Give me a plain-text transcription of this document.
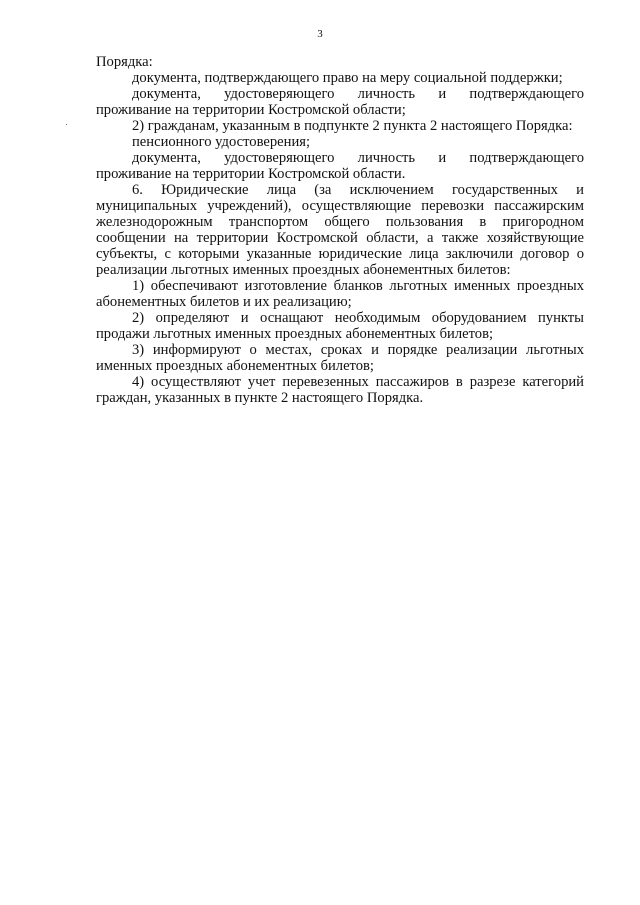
3

Порядка:

документа, подтверждающего право на меру социальной поддержки;

документа, удостоверяющего личность и подтверждающего проживание на территории Костромской области;

2) гражданам, указанным в подпункте 2 пункта 2 настоящего Порядка:

пенсионного удостоверения;

документа, удостоверяющего личность и подтверждающего проживание на территории Костромской области.

6. Юридические лица (за исключением государственных и муниципальных учреждений), осуществляющие перевозки пассажирским железнодорожным транспортом общего пользования в пригородном сообщении на территории Костромской области, а также хозяйствующие субъекты, с которыми указанные юридические лица заключили договор о реализации льготных именных проездных абонементных билетов:

1) обеспечивают изготовление бланков льготных именных проездных абонементных билетов и их реализацию;

2) определяют и оснащают необходимым оборудованием пункты продажи льготных именных проездных абонементных билетов;

3) информируют о местах, сроках и порядке реализации льготных именных проездных абонементных билетов;

4) осуществляют учет перевезенных пассажиров в разрезе категорий граждан, указанных в пункте 2 настоящего Порядка.
